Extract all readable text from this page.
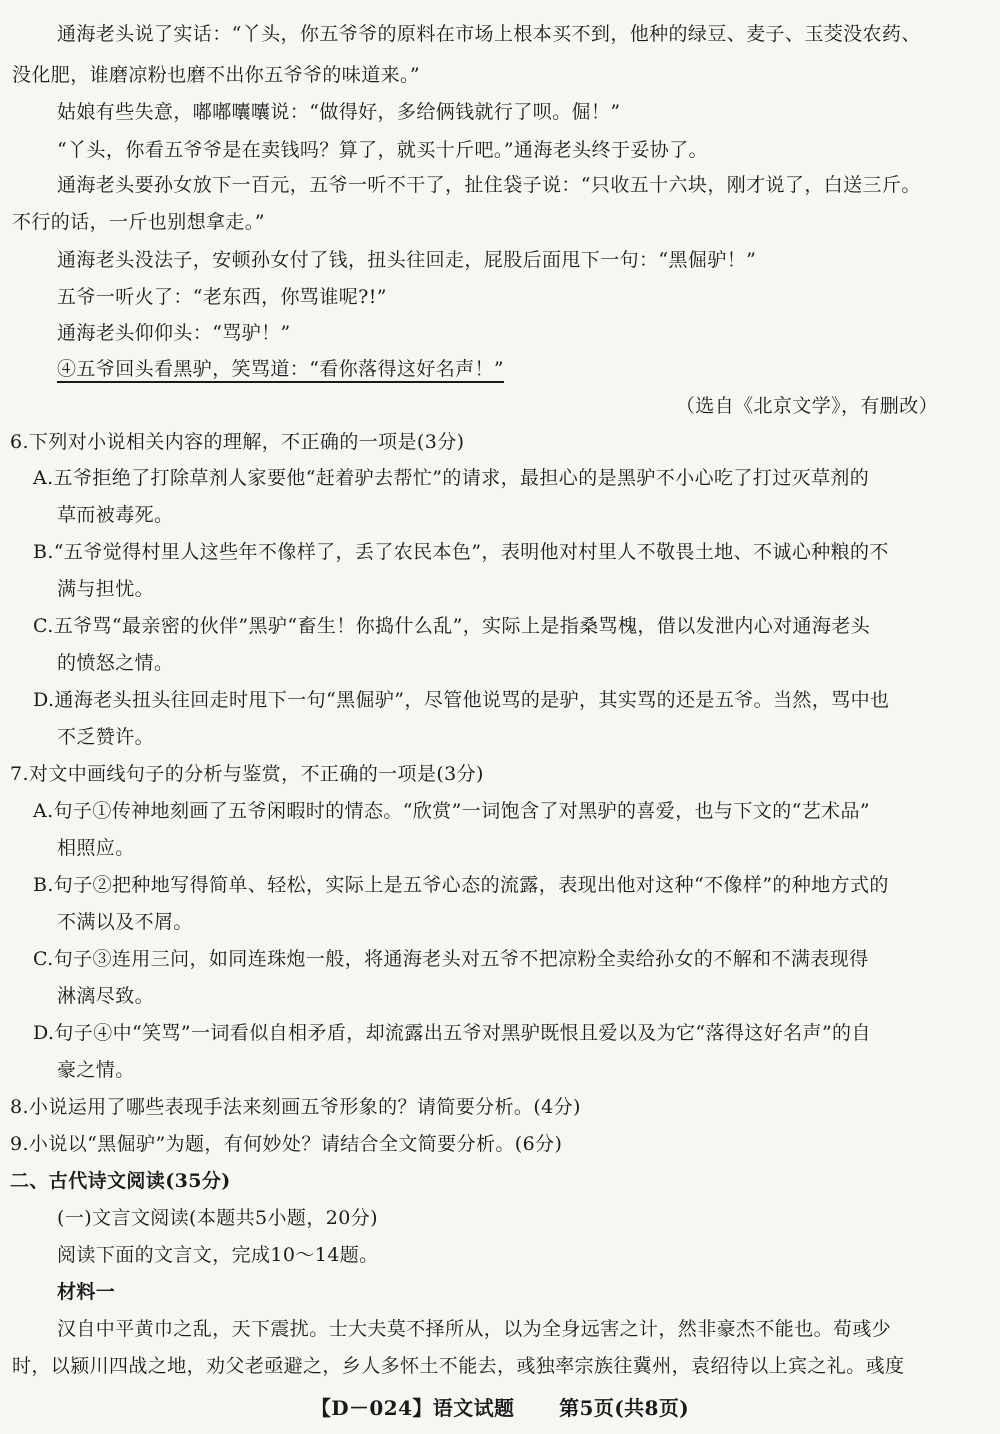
通海老头说了实话：“丫头，你五爷爷的原料在市场上根本买不到，他种的绿豆、麦子、玉茭没农药、
没化肥，谁磨凉粉也磨不出你五爷爷的味道来。”
姑娘有些失意，嘟嘟囔囔说：“做得好，多给俩钱就行了呗。倔！”
“丫头，你看五爷爷是在卖钱吗？算了，就买十斤吧。”通海老头终于妥协了。
通海老头要孙女放下一百元，五爷一听不干了，扯住袋子说：“只收五十六块，刚才说了，白送三斤。
不行的话，一斤也别想拿走。”
通海老头没法子，安顿孙女付了钱，扭头往回走，屁股后面甩下一句：“黑倔驴！”
五爷一听火了：“老东西，你骂谁呢?!”
通海老头仰仰头：“骂驴！”
④五爷回头看黑驴，笑骂道：“看你落得这好名声！”
（选自《北京文学》，有删改）
6.下列对小说相关内容的理解，不正确的一项是(3分)
A.五爷拒绝了打除草剂人家要他“赶着驴去帮忙”的请求，最担心的是黑驴不小心吃了打过灭草剂的
草而被毒死。
B.“五爷觉得村里人这些年不像样了，丢了农民本色”，表明他对村里人不敬畏土地、不诚心种粮的不
满与担忧。
C.五爷骂“最亲密的伙伴”黑驴“畜生！你捣什么乱”，实际上是指桑骂槐，借以发泄内心对通海老头
的愤怒之情。
D.通海老头扭头往回走时甩下一句“黑倔驴”，尽管他说骂的是驴，其实骂的还是五爷。当然，骂中也
不乏赞许。
7.对文中画线句子的分析与鉴赏，不正确的一项是(3分)
A.句子①传神地刻画了五爷闲暇时的情态。“欣赏”一词饱含了对黑驴的喜爱，也与下文的“艺术品”
相照应。
B.句子②把种地写得简单、轻松，实际上是五爷心态的流露，表现出他对这种“不像样”的种地方式的
不满以及不屑。
C.句子③连用三问，如同连珠炮一般，将通海老头对五爷不把凉粉全卖给孙女的不解和不满表现得
淋漓尽致。
D.句子④中“笑骂”一词看似自相矛盾，却流露出五爷对黑驴既恨且爱以及为它“落得这好名声”的自
豪之情。
8.小说运用了哪些表现手法来刻画五爷形象的？请简要分析。(4分)
9.小说以“黑倔驴”为题，有何妙处？请结合全文简要分析。(6分)
二、古代诗文阅读(35分)
(一)文言文阅读(本题共5小题，20分)
阅读下面的文言文，完成10～14题。
材料一
汉自中平黄巾之乱，天下震扰。士大夫莫不择所从，以为全身远害之计，然非豪杰不能也。荀彧少
时，以颍川四战之地，劝父老亟避之，乡人多怀土不能去，彧独率宗族往冀州，袁绍待以上宾之礼。彧度
【D－024】语文试题 第5页(共8页)
